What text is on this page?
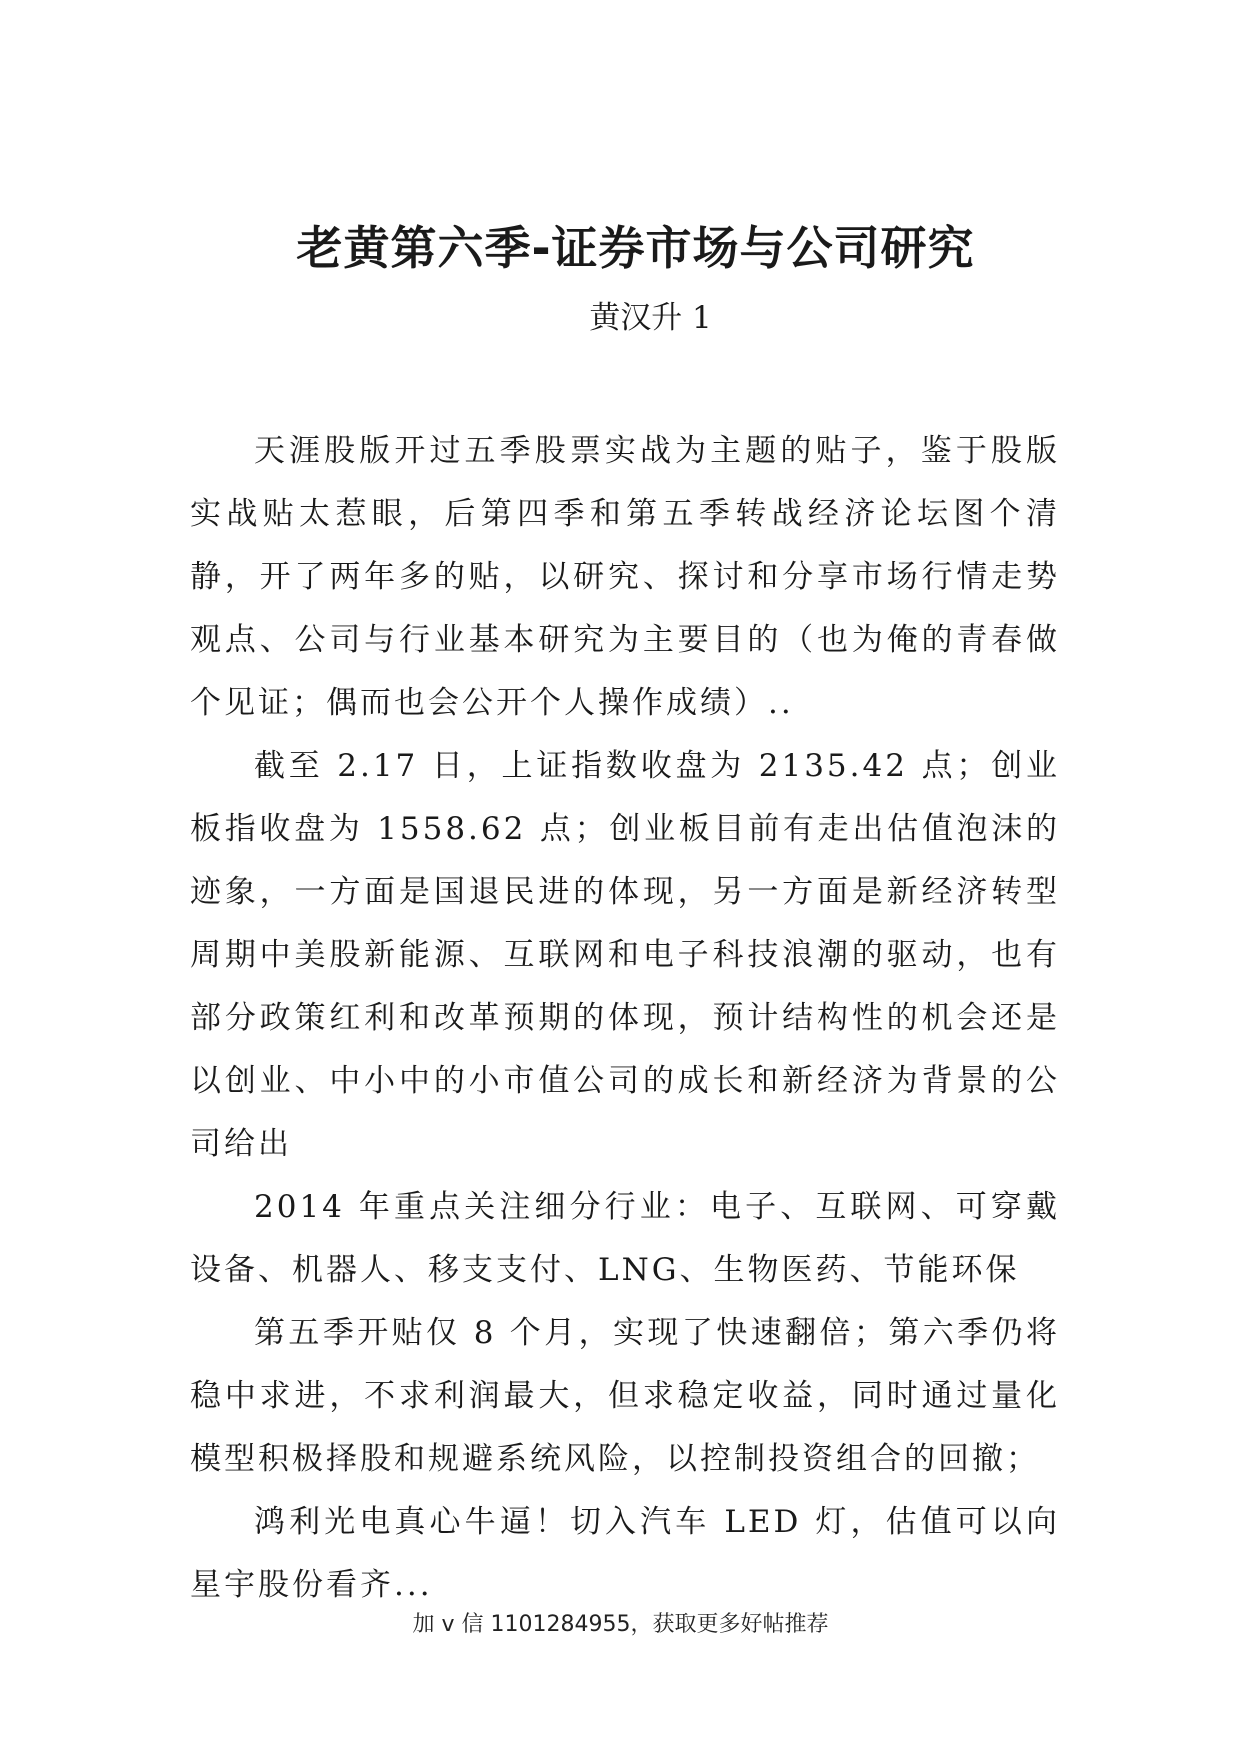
老黄第六季-证券市场与公司研究
黄汉升 1

天涯股版开过五季股票实战为主题的贴子，鉴于股版实战贴太惹眼，后第四季和第五季转战经济论坛图个清静，开了两年多的贴，以研究、探讨和分享市场行情走势观点、公司与行业基本研究为主要目的（也为俺的青春做个见证；偶而也会公开个人操作成绩）..

截至 2.17 日，上证指数收盘为 2135.42 点；创业板指收盘为 1558.62 点；创业板目前有走出估值泡沫的迹象，一方面是国退民进的体现，另一方面是新经济转型周期中美股新能源、互联网和电子科技浪潮的驱动，也有部分政策红利和改革预期的体现，预计结构性的机会还是以创业、中小中的小市值公司的成长和新经济为背景的公司给出

2014 年重点关注细分行业：电子、互联网、可穿戴设备、机器人、移支支付、LNG、生物医药、节能环保

第五季开贴仅 8 个月，实现了快速翻倍；第六季仍将稳中求进，不求利润最大，但求稳定收益，同时通过量化模型积极择股和规避系统风险，以控制投资组合的回撤；

鸿利光电真心牛逼！切入汽车 LED 灯，估值可以向星宇股份看齐...

加 v 信 1101284955，获取更多好帖推荐
